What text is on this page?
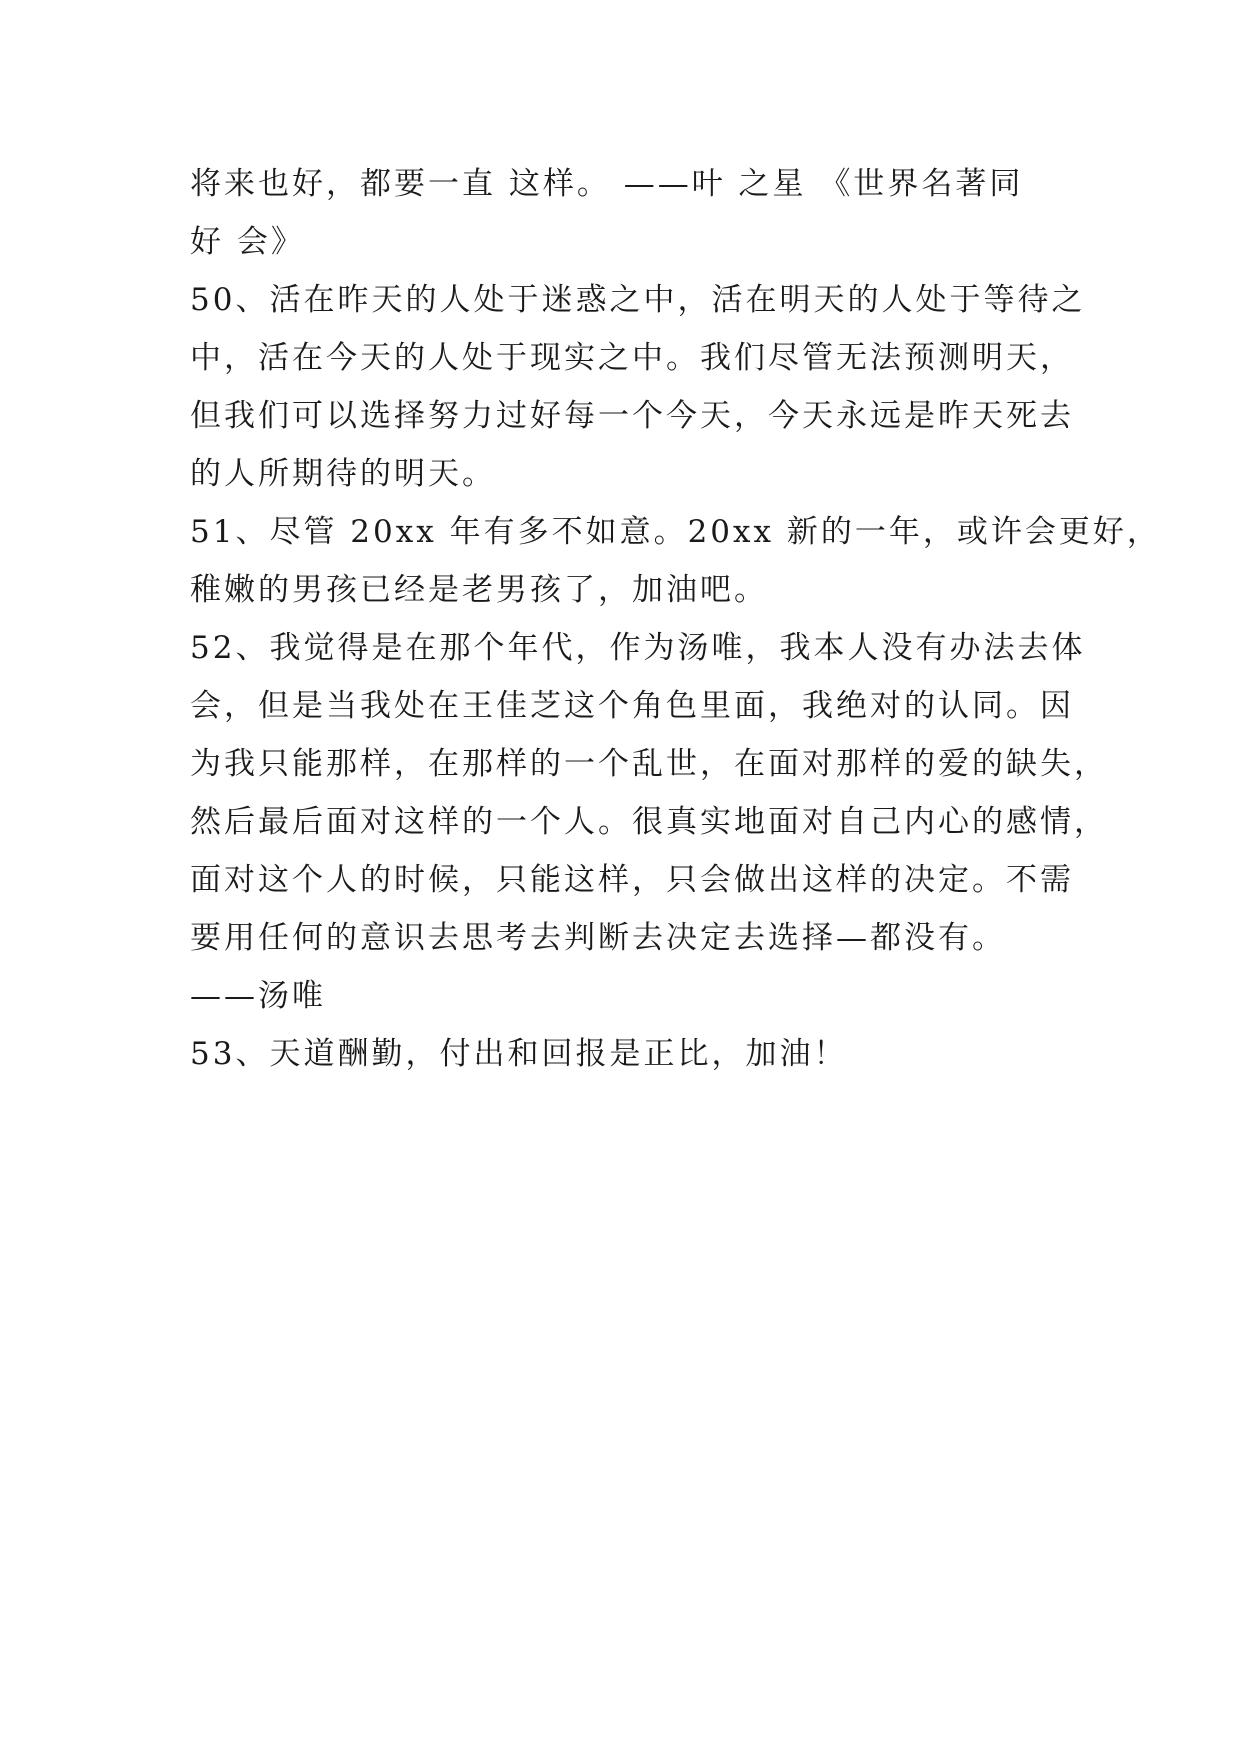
将来也好，都要一直 这样。 ——叶 之星 《世界名著同
好 会》
50、活在昨天的人处于迷惑之中，活在明天的人处于等待之
中，活在今天的人处于现实之中。我们尽管无法预测明天，
但我们可以选择努力过好每一个今天，今天永远是昨天死去
的人所期待的明天。
51、尽管 20xx 年有多不如意。20xx 新的一年，或许会更好，
稚嫩的男孩已经是老男孩了，加油吧。
52、我觉得是在那个年代，作为汤唯，我本人没有办法去体
会，但是当我处在王佳芝这个角色里面，我绝对的认同。因
为我只能那样，在那样的一个乱世，在面对那样的爱的缺失，
然后最后面对这样的一个人。很真实地面对自己内心的感情，
面对这个人的时候，只能这样，只会做出这样的决定。不需
要用任何的意识去思考去判断去决定去选择—都没有。
——汤唯
53、天道酬勤，付出和回报是正比，加油！
